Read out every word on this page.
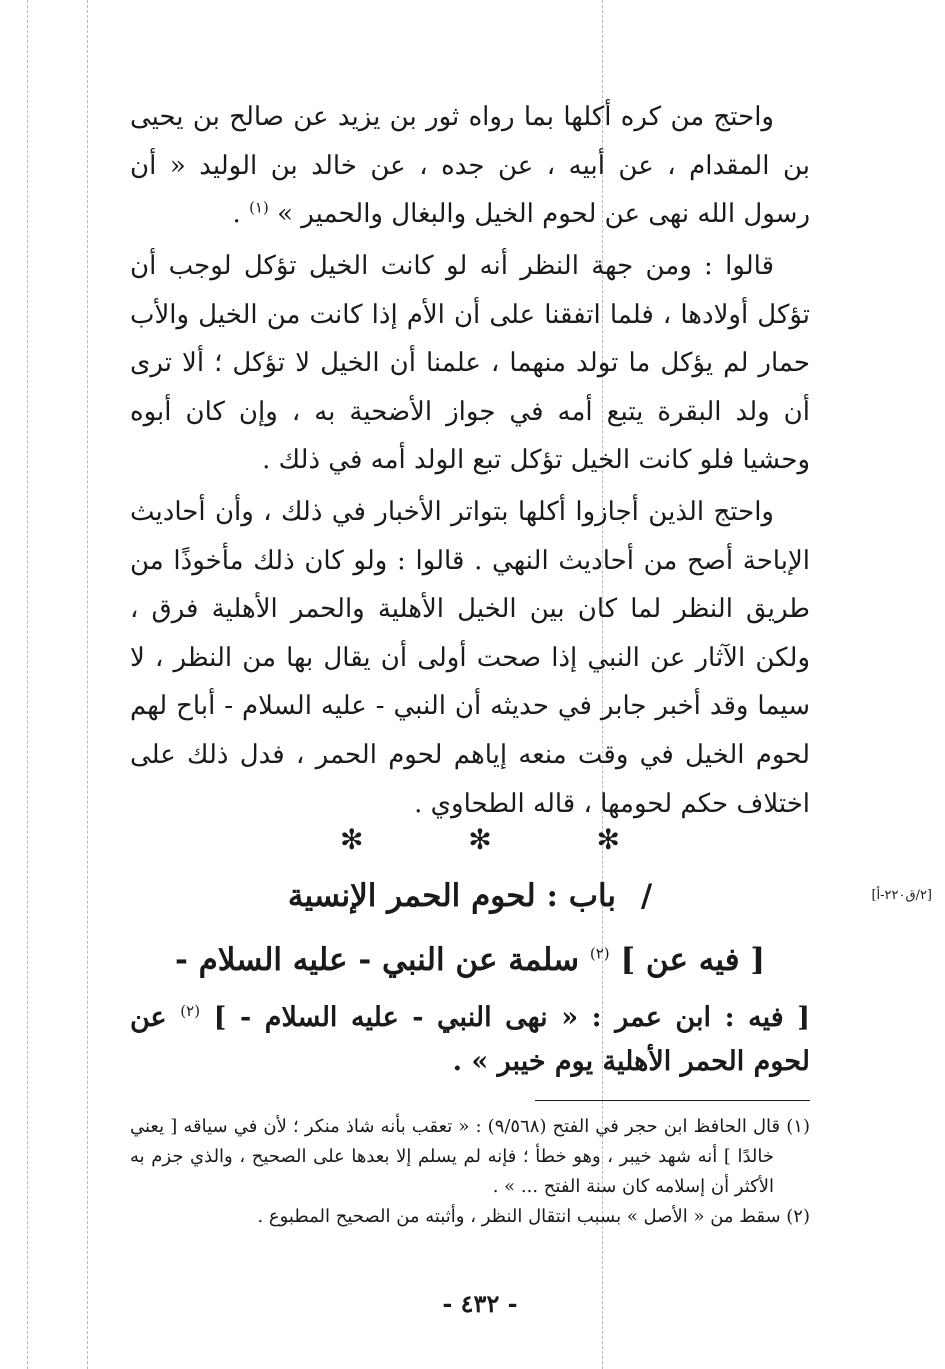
واحتج من كره أكلها بما رواه ثور بن يزيد عن صالح بن يحيى بن المقدام ، عن أبيه ، عن جده ، عن خالد بن الوليد « أن رسول الله نهى عن لحوم الخيل والبغال والحمير » $^{(١)}$ .
قالوا : ومن جهة النظر أنه لو كانت الخيل تؤكل لوجب أن تؤكل أولادها ، فلما اتفقنا على أن الأم إذا كانت من الخيل والأب حمار لم يؤكل ما تولد منهما ، علمنا أن الخيل لا تؤكل ؛ ألا ترى أن ولد البقرة يتبع أمه في جواز الأضحية به ، وإن كان أبوه وحشيا فلو كانت الخيل تؤكل تبع الولد أمه في ذلك .
واحتج الذين أجازوا أكلها بتواتر الأخبار في ذلك ، وأن أحاديث الإباحة أصح من أحاديث النهي . قالوا : ولو كان ذلك مأخوذًا من طريق النظر لما كان بين الخيل الأهلية والحمر الأهلية فرق ، ولكن الآثار عن النبي إذا صحت أولى أن يقال بها من النظر ، لا سيما وقد أخبر جابر في حديثه أن النبي - عليه السلام - أباح لهم لحوم الخيل في وقت منعه إياهم لحوم الحمر ، فدل ذلك على اختلاف حكم لحومها ، قاله الطحاوي .
✻
✻
✻
/ باب : لحوم الحمر الإنسية	[٢/ق٢٢٠-أ]
[ فيه عن ] $^{(٢)}$ سلمة عن النبي - عليه السلام -
[ فيه : ابن عمر : « نهى النبي - عليه السلام - ] $^{(٢)}$ عن لحوم الحمر الأهلية يوم خيبر » .

(١) قال الحافظ ابن حجر في الفتح (٩/٥٦٨) : « تعقب بأنه شاذ منكر ؛ لأن في سياقه [ يعني خالدًا ] أنه شهد خيبر ، وهو خطأ ؛ فإنه لم يسلم إلا بعدها على الصحيح ، والذي جزم به الأكثر أن إسلامه كان سنة الفتح ... » .

(٢) سقط من « الأصل » بسبب انتقال النظر ، وأثبته من الصحيح المطبوع .

- ٤٣٢ -
